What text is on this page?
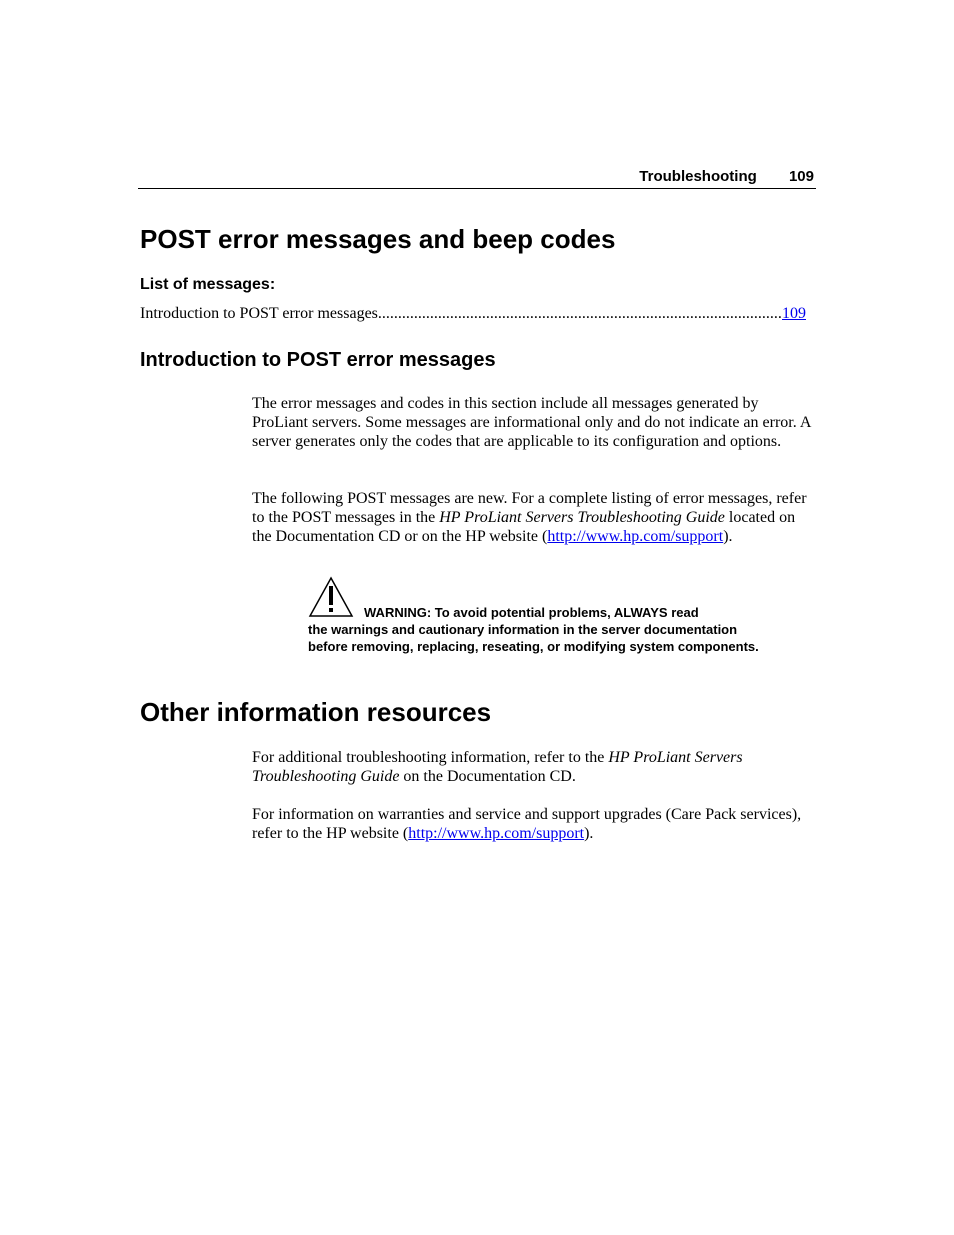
Troubleshooting 109
POST error messages and beep codes
List of messages:
Introduction to POST error messages
.....	109
Introduction to POST error messages

The error messages and codes in this section include all messages generated by ProLiant servers. Some messages are informational only and do not indicate an error. A server generates only the codes that are applicable to its configuration and options.

The following POST messages are new. For a complete listing of error messages, refer to the POST messages in the HP ProLiant Servers Troubleshooting Guide located on the Documentation CD or on the HP website (http://www.hp.com/support).

WARNING: To avoid potential problems, ALWAYS read
the warnings and cautionary information in the server documentation before removing, replacing, reseating, or modifying system components.
Other information resources

For additional troubleshooting information, refer to the HP ProLiant Servers Troubleshooting Guide on the Documentation CD.

For information on warranties and service and support upgrades (Care Pack services), refer to the HP website (http://www.hp.com/support).
